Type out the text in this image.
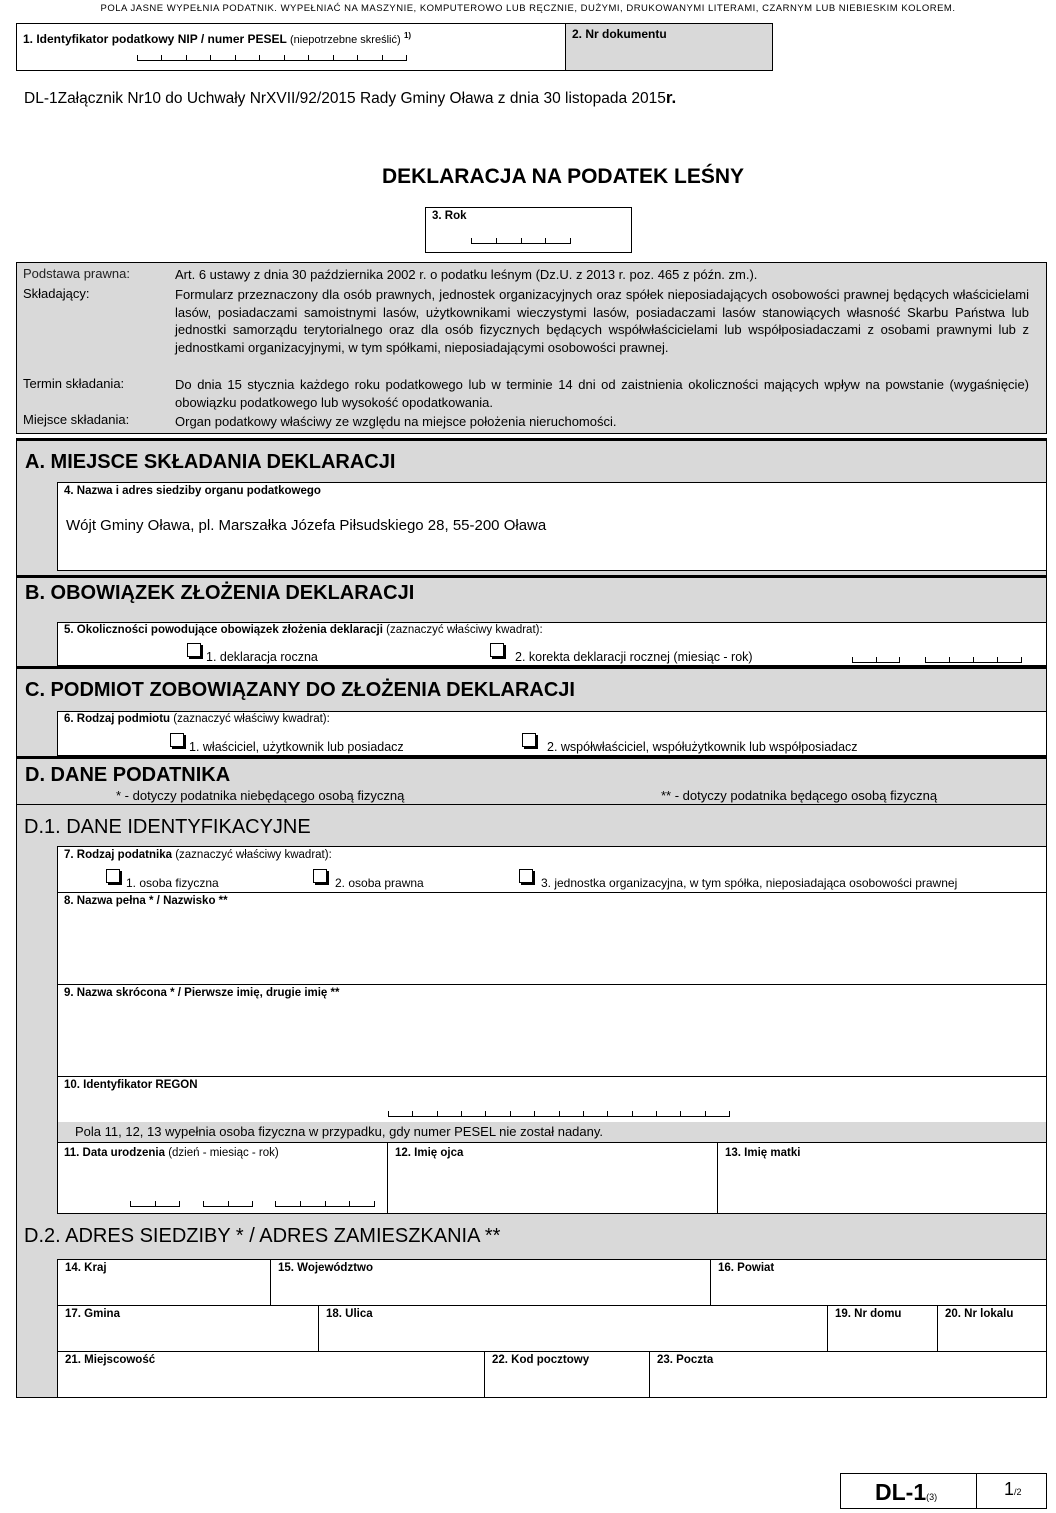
POLA JASNE WYPEŁNIA PODATNIK. WYPEŁNIAĆ NA MASZYNIE, KOMPUTEROWO LUB RĘCZNIE, DUŻYMI, DRUKOWANYMI LITERAMI, CZARNYM LUB NIEBIESKIM KOLOREM.
1. Identyfikator podatkowy NIP / numer PESEL (niepotrzebne skreślić) $^{1)}$	2. Nr dokumentu
DL-1Załącznik Nr10 do Uchwały NrXVII/92/2015 Rady Gminy Oława z dnia 30 listopada 2015r.
DEKLARACJA NA PODATEK LEŚNY
3. Rok
Podstawa prawna:	Art. 6 ustawy z dnia 30 października 2002 r. o podatku leśnym (Dz.U. z 2013 r. poz. 465 z późn. zm.).
Składający:	Formularz przeznaczony dla osób prawnych, jednostek organizacyjnych oraz spółek nieposiadających osobowości prawnej będących właścicielami lasów, posiadaczami samoistnymi lasów, użytkownikami wieczystymi lasów, posiadaczami lasów stanowiących własność Skarbu Państwa lub jednostki samorządu terytorialnego oraz dla osób fizycznych będących współwłaścicielami lub współposiadaczami z osobami prawnymi lub z jednostkami organizacyjnymi, w tym spółkami, nieposiadającymi osobowości prawnej.
Termin składania:	Do dnia 15 stycznia każdego roku podatkowego lub w terminie 14 dni od zaistnienia okoliczności mających wpływ na powstanie (wygaśnięcie) obowiązku podatkowego lub wysokość opodatkowania.
Miejsce składania:	Organ podatkowy właściwy ze względu na miejsce położenia nieruchomości.
A. MIEJSCE SKŁADANIA DEKLARACJI
4. Nazwa i adres siedziby organu podatkowego
Wójt Gminy Oława, pl. Marszałka Józefa Piłsudskiego 28, 55-200 Oława
B. OBOWIĄZEK ZŁOŻENIA DEKLARACJI
5. Okoliczności powodujące obowiązek złożenia deklaracji (zaznaczyć właściwy kwadrat):
1. deklaracja roczna	2. korekta deklaracji rocznej (miesiąc - rok)
C. PODMIOT ZOBOWIĄZANY DO ZŁOŻENIA DEKLARACJI
6. Rodzaj podmiotu (zaznaczyć właściwy kwadrat):
1. właściciel, użytkownik lub posiadacz	2. współwłaściciel, współużytkownik lub współposiadacz
D. DANE PODATNIKA
* - dotyczy podatnika niebędącego osobą fizyczną	** - dotyczy podatnika będącego osobą fizyczną
D.1. DANE IDENTYFIKACYJNE
7. Rodzaj podatnika (zaznaczyć właściwy kwadrat):
1. osoba fizyczna	2. osoba prawna	3. jednostka organizacyjna, w tym spółka, nieposiadająca osobowości prawnej
8. Nazwa pełna * / Nazwisko **
9. Nazwa skrócona * / Pierwsze imię, drugie imię **
10. Identyfikator REGON
Pola 11, 12, 13 wypełnia osoba fizyczna w przypadku, gdy numer PESEL nie został nadany.
11. Data urodzenia (dzień - miesiąc - rok)	12. Imię ojca	13. Imię matki
D.2. ADRES SIEDZIBY * / ADRES ZAMIESZKANIA **
14. Kraj	15. Województwo	16. Powiat
17. Gmina	18. Ulica	19. Nr domu	20. Nr lokalu
21. Miejscowość	22. Kod pocztowy	23. Poczta
DL-1(3)	1/2
